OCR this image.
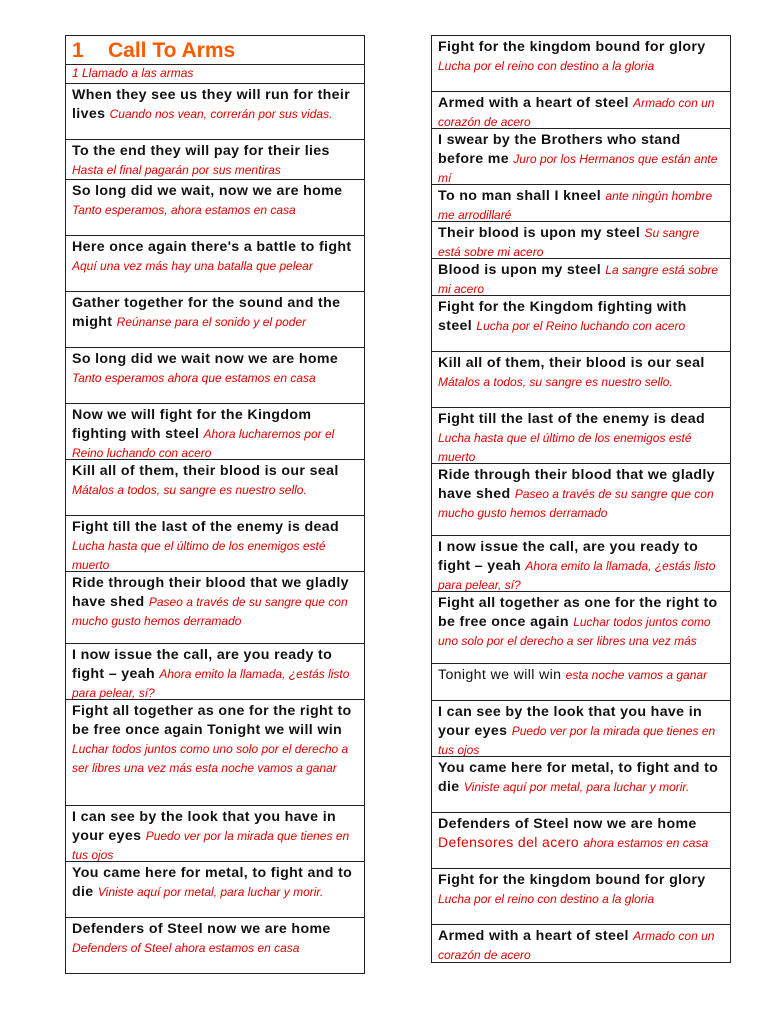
1 Call To Arms
1 Llamado a las armas
When they see us they will run for their lives Cuando nos vean, correrán por sus vidas.
To the end they will pay for their lies Hasta el final pagarán por sus mentiras
So long did we wait, now we are home Tanto esperamos, ahora estamos en casa
Here once again there's a battle to fight Aquí una vez más hay una batalla que pelear
Gather together for the sound and the might Reúnanse para el sonido y el poder
So long did we wait now we are home Tanto esperamos ahora que estamos en casa
Now we will fight for the Kingdom fighting with steel Ahora lucharemos por el Reino luchando con acero
Kill all of them, their blood is our seal Mátalos a todos, su sangre es nuestro sello.
Fight till the last of the enemy is dead Lucha hasta que el último de los enemigos esté muerto
Ride through their blood that we gladly have shed Paseo a través de su sangre que con mucho gusto hemos derramado
I now issue the call, are you ready to fight – yeah Ahora emito la llamada, ¿estás listo para pelear, sí?
Fight all together as one for the right to be free once again Tonight we will win Luchar todos juntos como uno solo por el derecho a ser libres una vez más esta noche vamos a ganar
I can see by the look that you have in your eyes Puedo ver por la mirada que tienes en tus ojos
You came here for metal, to fight and to die Viniste aquí por metal, para luchar y morir.
Defenders of Steel now we are home Defenders of Steel ahora estamos en casa
Fight for the kingdom bound for glory Lucha por el reino con destino a la gloria
Armed with a heart of steel Armado con un corazón de acero
I swear by the Brothers who stand before me Juro por los Hermanos que están ante mí
To no man shall I kneel ante ningún hombre me arrodillaré
Their blood is upon my steel Su sangre está sobre mi acero
Blood is upon my steel La sangre está sobre mi acero
Fight for the Kingdom fighting with steel Lucha por el Reino luchando con acero
Kill all of them, their blood is our seal Mátalos a todos, su sangre es nuestro sello.
Fight till the last of the enemy is dead Lucha hasta que el último de los enemigos esté muerto
Ride through their blood that we gladly have shed Paseo a través de su sangre que con mucho gusto hemos derramado
I now issue the call, are you ready to fight – yeah Ahora emito la llamada, ¿estás listo para pelear, sí?
Fight all together as one for the right to be free once again Luchar todos juntos como uno solo por el derecho a ser libres una vez más
Tonight we will win esta noche vamos a ganar
I can see by the look that you have in your eyes Puedo ver por la mirada que tienes en tus ojos
You came here for metal, to fight and to die Viniste aquí por metal, para luchar y morir.
Defenders of Steel now we are home Defensores del acero ahora estamos en casa
Fight for the kingdom bound for glory Lucha por el reino con destino a la gloria
Armed with a heart of steel Armado con un corazón de acero
